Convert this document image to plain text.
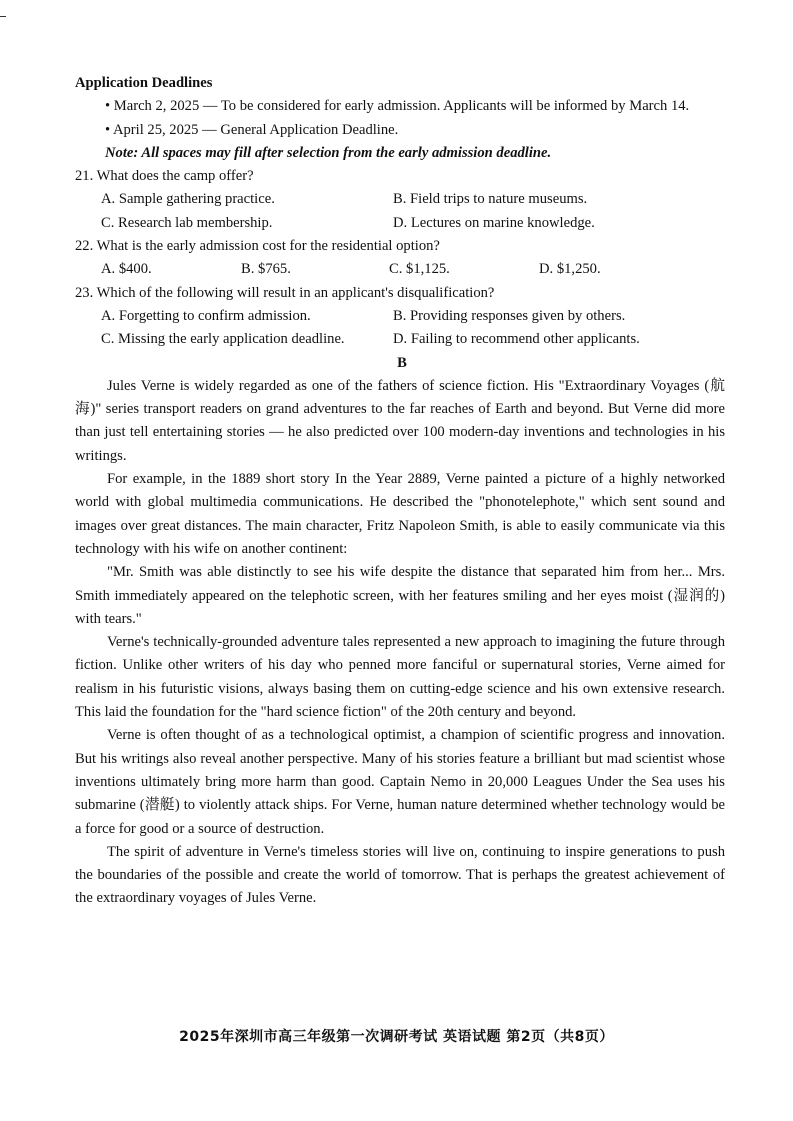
Application Deadlines

• March 2, 2025 — To be considered for early admission. Applicants will be informed by March 14.

• April 25, 2025 — General Application Deadline.

Note: All spaces may fill after selection from the early admission deadline.

21. What does the camp offer?

A. Sample gathering practice.	B. Field trips to nature museums.
C. Research lab membership.	D. Lectures on marine knowledge.

22. What is the early admission cost for the residential option?

A. $400.	B. $765.	C. $1,125.	D. $1,250.

23. Which of the following will result in an applicant's disqualification?

A. Forgetting to confirm admission.	B. Providing responses given by others.
C. Missing the early application deadline.	D. Failing to recommend other applicants.

B

Jules Verne is widely regarded as one of the fathers of science fiction. His "Extraordinary Voyages (航海)" series transport readers on grand adventures to the far reaches of Earth and beyond. But Verne did more than just tell entertaining stories — he also predicted over 100 modern-day inventions and technologies in his writings.

For example, in the 1889 short story In the Year 2889, Verne painted a picture of a highly networked world with global multimedia communications. He described the "phonotelephote," which sent sound and images over great distances. The main character, Fritz Napoleon Smith, is able to easily communicate via this technology with his wife on another continent:

"Mr. Smith was able distinctly to see his wife despite the distance that separated him from her... Mrs. Smith immediately appeared on the telephotic screen, with her features smiling and her eyes moist (湿润的) with tears."

Verne's technically-grounded adventure tales represented a new approach to imagining the future through fiction. Unlike other writers of his day who penned more fanciful or supernatural stories, Verne aimed for realism in his futuristic visions, always basing them on cutting-edge science and his own extensive research. This laid the foundation for the "hard science fiction" of the 20th century and beyond.

Verne is often thought of as a technological optimist, a champion of scientific progress and innovation. But his writings also reveal another perspective. Many of his stories feature a brilliant but mad scientist whose inventions ultimately bring more harm than good. Captain Nemo in 20,000 Leagues Under the Sea uses his submarine (潜艇) to violently attack ships. For Verne, human nature determined whether technology would be a force for good or a source of destruction.

The spirit of adventure in Verne's timeless stories will live on, continuing to inspire generations to push the boundaries of the possible and create the world of tomorrow. That is perhaps the greatest achievement of the extraordinary voyages of Jules Verne.

2025年深圳市高三年级第一次调研考试 英语试题 第2页（共8页）
